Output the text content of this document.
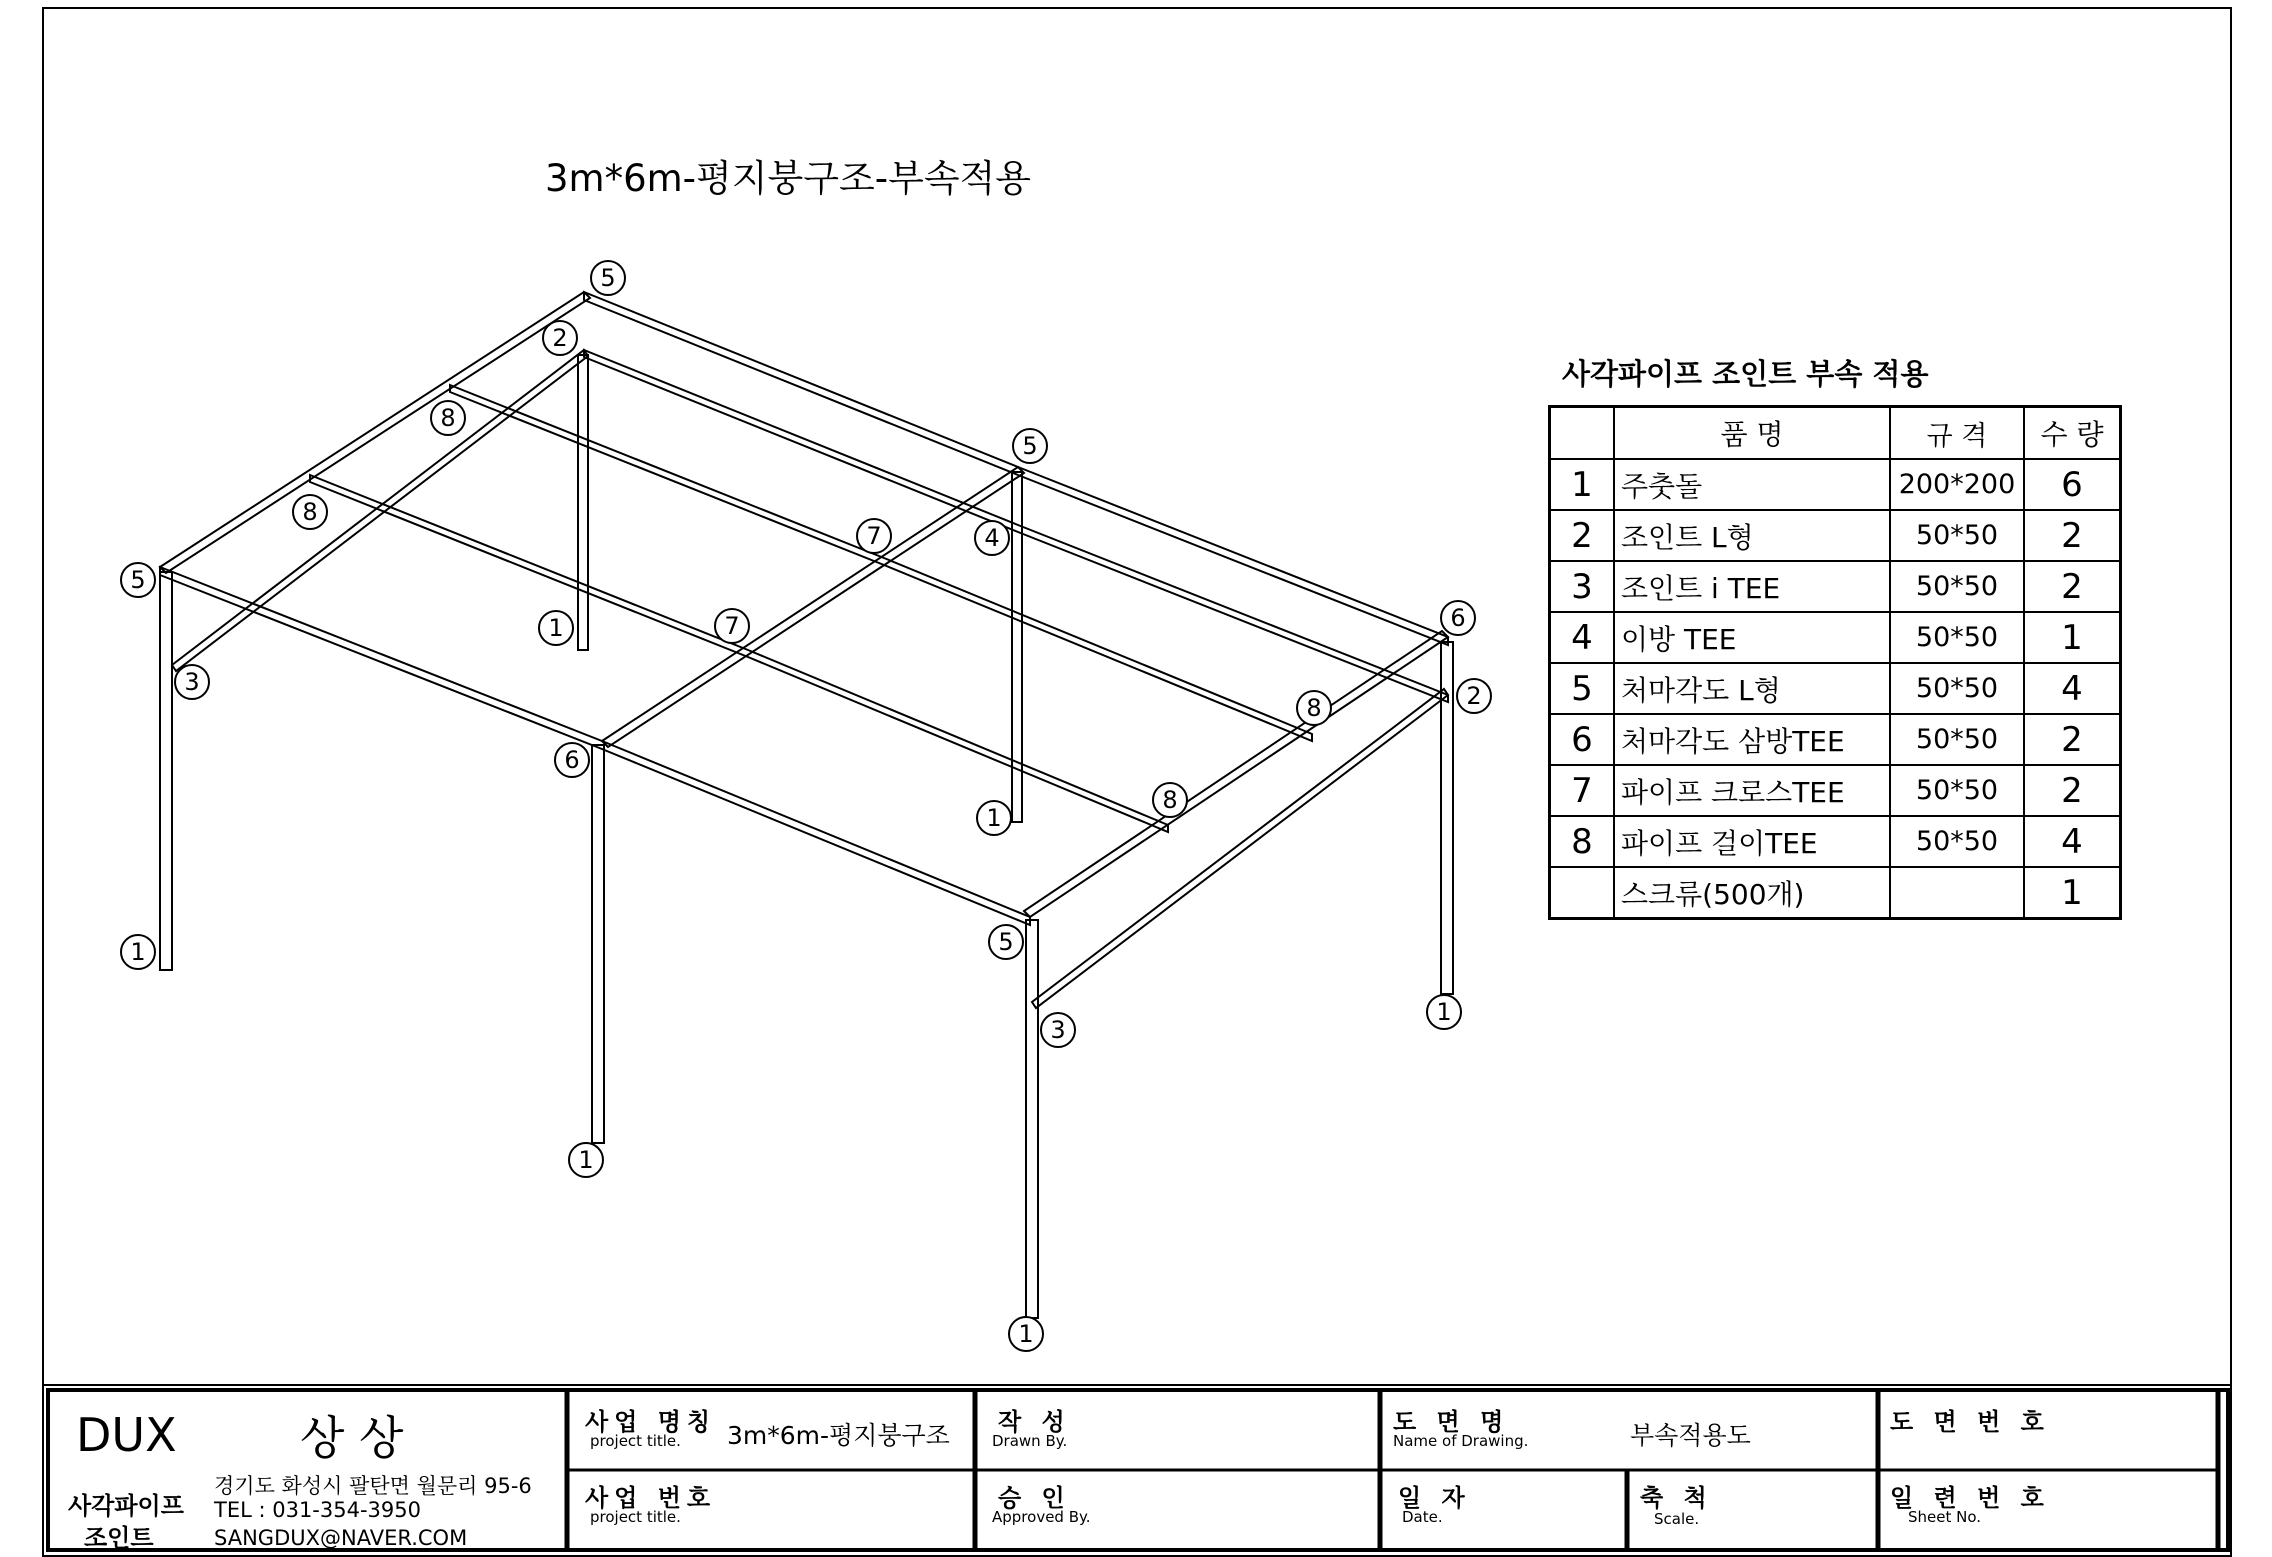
5
2
8
8
5
3
1	7
7
6
4
5
2
8
8
6
1
1	5
3
1
1
1
3m*6m-평지붕구조-부속적용
사각파이프 조인트 부속 적용
	품 명	규 격	수 량
1	주춧돌	200*200	6
2	조인트 L형	50*50	2
3	조인트 i TEE	50*50	2
4	이방 TEE	50*50	1
5	처마각도 L형	50*50	4
6	처마각도 삼방TEE	50*50	2
7	파이프 크로스TEE	50*50	2
8	파이프 걸이TEE	50*50	4
	스크류(500개)		1
DUX	상 상
사각파이프
조인트
경기도 화성시 팔탄면 월문리 95-6
TEL : 031-354-3950
SANGDUX@NAVER.COM
사업 명칭
project title. 3m*6m-평지붕구조
사업 번호
project title.
작 성
Drawn By.
승 인
Approved By.
도 면 명
Name of Drawing.	부속적용도
일 자
Date.
축 척
Scale.
도 면 번 호
일 련 번 호
Sheet No.
